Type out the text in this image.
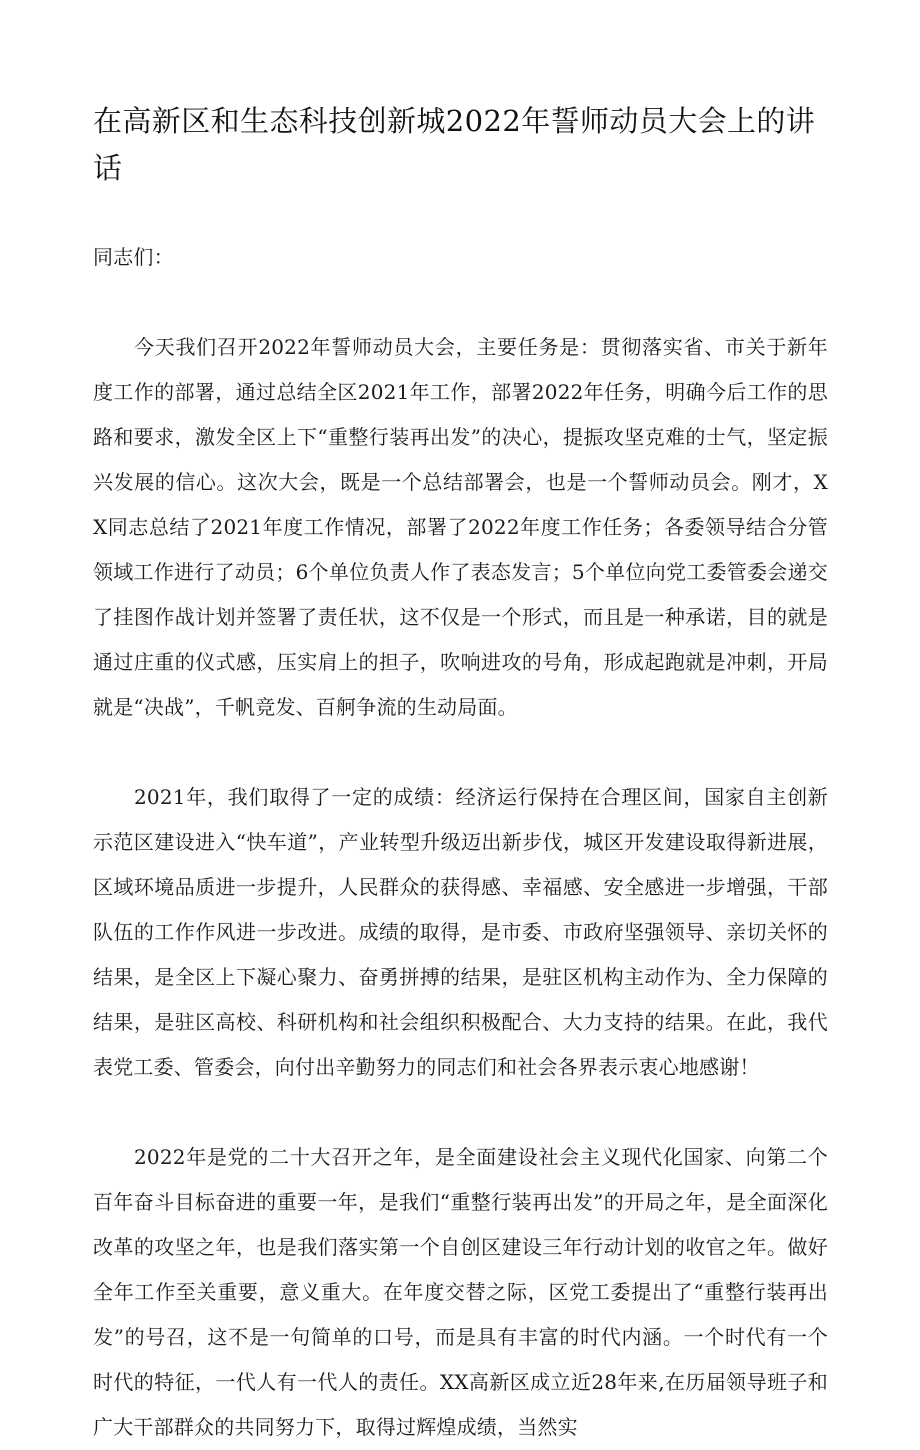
在高新区和生态科技创新城2022年誓师动员大会上的讲话

同志们：

今天我们召开2022年誓师动员大会，主要任务是：贯彻落实省、市关于新年度工作的部署，通过总结全区2021年工作，部署2022年任务，明确今后工作的思路和要求，激发全区上下“重整行装再出发”的决心，提振攻坚克难的士气，坚定振兴发展的信心。这次大会，既是一个总结部署会，也是一个誓师动员会。刚才，XX同志总结了2021年度工作情况，部署了2022年度工作任务；各委领导结合分管领域工作进行了动员；6个单位负责人作了表态发言；5个单位向党工委管委会递交了挂图作战计划并签署了责任状，这不仅是一个形式，而且是一种承诺，目的就是通过庄重的仪式感，压实肩上的担子，吹响进攻的号角，形成起跑就是冲刺，开局就是“决战”，千帆竞发、百舸争流的生动局面。

2021年，我们取得了一定的成绩：经济运行保持在合理区间，国家自主创新示范区建设进入“快车道”，产业转型升级迈出新步伐，城区开发建设取得新进展，区域环境品质进一步提升，人民群众的获得感、幸福感、安全感进一步增强，干部队伍的工作作风进一步改进。成绩的取得，是市委、市政府坚强领导、亲切关怀的结果，是全区上下凝心聚力、奋勇拼搏的结果，是驻区机构主动作为、全力保障的结果，是驻区高校、科研机构和社会组织积极配合、大力支持的结果。在此，我代表党工委、管委会，向付出辛勤努力的同志们和社会各界表示衷心地感谢！

2022年是党的二十大召开之年，是全面建设社会主义现代化国家、向第二个百年奋斗目标奋进的重要一年，是我们“重整行装再出发”的开局之年，是全面深化改革的攻坚之年，也是我们落实第一个自创区建设三年行动计划的收官之年。做好全年工作至关重要，意义重大。在年度交替之际，区党工委提出了“重整行装再出发”的号召，这不是一句简单的口号，而是具有丰富的时代内涵。一个时代有一个时代的特征，一代人有一代人的责任。XX高新区成立近28年来,在历届领导班子和广大干部群众的共同努力下，取得过辉煌成绩，当然实
